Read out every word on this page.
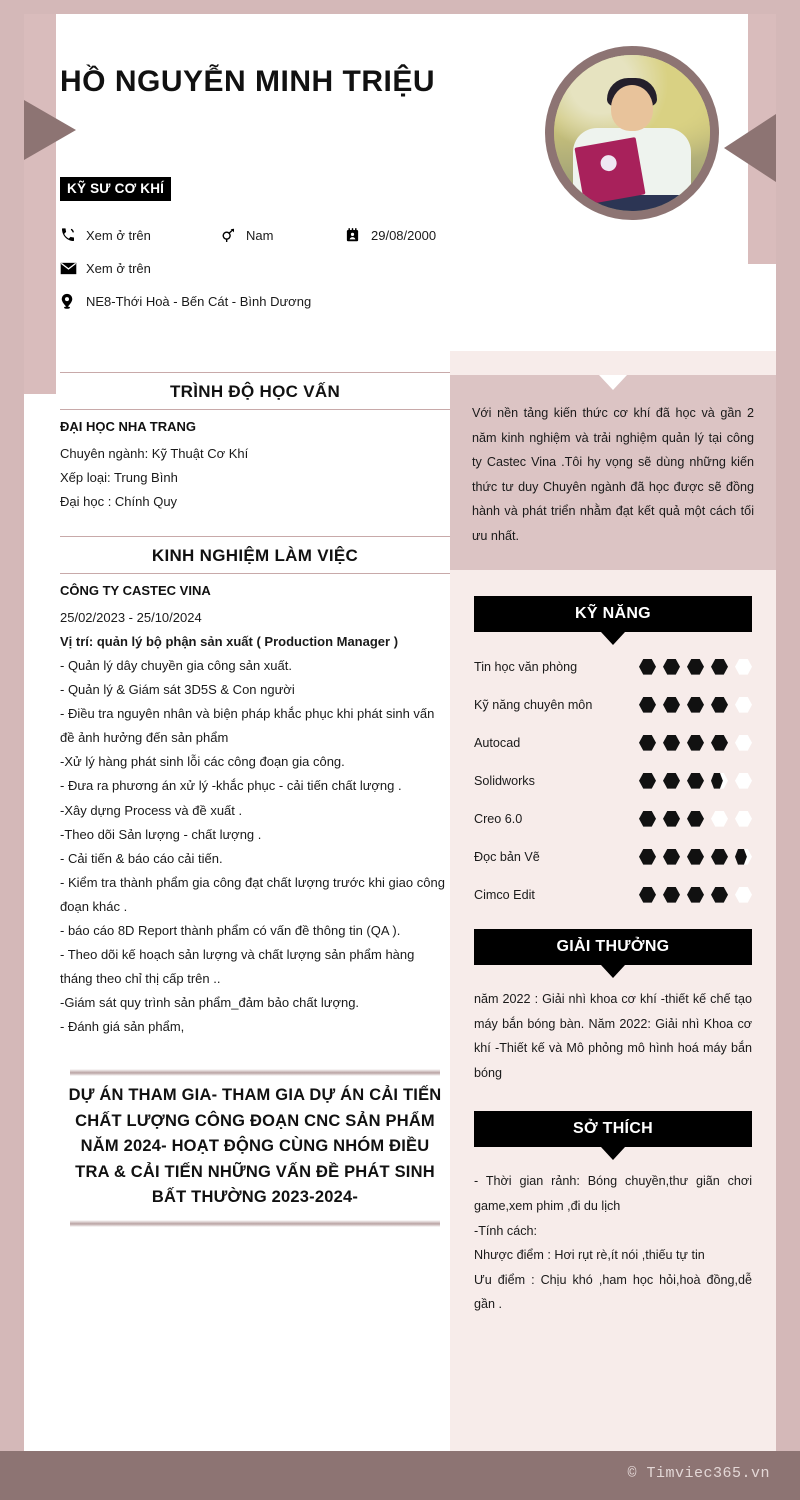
HỒ NGUYỄN MINH TRIỆU
KỸ SƯ CƠ KHÍ
Xem ở trên	Nam	29/08/2000
Xem ở trên
NE8-Thới Hoà - Bến Cát - Bình Dương
TRÌNH ĐỘ HỌC VẤN
ĐẠI HỌC NHA TRANG
Chuyên ngành: Kỹ Thuật Cơ Khí
Xếp loại: Trung Bình
Đại học : Chính Quy
KINH NGHIỆM LÀM VIỆC
CÔNG TY CASTEC VINA
25/02/2023 - 25/10/2024
Vị trí: quản lý bộ phận sản xuất ( Production Manager )
- Quản lý dây chuyền gia công sản xuất.
- Quản lý & Giám sát 3D5S & Con người
- Điều tra nguyên nhân và biện pháp khắc phục khi phát sinh vấn đề ảnh hưởng đến sản phẩm
-Xử lý hàng phát sinh lỗi các công đoạn gia công.
- Đưa ra phương án xử lý -khắc phục - cải tiến chất lượng .
-Xây dựng Process và đề xuất .
-Theo dõi Sản lượng - chất lượng .
- Cải tiến & báo cáo cải tiến.
- Kiểm tra thành phẩm gia công đạt chất lượng trước khi giao công đoạn khác .
- báo cáo 8D Report thành phẩm có vấn đề thông tin (QA ).
- Theo dõi kế hoạch sản lượng và chất lượng sản phẩm hàng tháng theo chỉ thị cấp trên ..
-Giám sát quy trình sản phẩm_đảm bảo chất lượng.
- Đánh giá sản phẩm,
DỰ ÁN THAM GIA- THAM GIA DỰ ÁN CẢI TIẾN CHẤT LƯỢNG CÔNG ĐOẠN CNC SẢN PHẨM NĂM 2024- HOẠT ĐỘNG CÙNG NHÓM ĐIỀU TRA & CẢI TIẾN NHỮNG VẤN ĐỀ PHÁT SINH BẤT THƯỜNG 2023-2024-

Với nền tảng kiến thức cơ khí đã học và gần 2 năm kinh nghiệm và trải nghiệm quản lý tại công ty Castec Vina .Tôi hy vọng sẽ dùng những kiến thức tư duy Chuyên ngành đã học được sẽ đồng hành và phát triển nhằm đạt kết quả một cách tối ưu nhất.

KỸ NĂNG
Tin học văn phòng
Kỹ năng chuyên môn
Autocad
Solidworks
Creo 6.0
Đọc bản Vẽ
Cimco Edit
GIẢI THƯỞNG

năm 2022 : Giải nhì khoa cơ khí -thiết kế chế tạo máy bắn bóng bàn. Năm 2022: Giải nhì Khoa cơ khí -Thiết kế và Mô phỏng mô hình hoá máy bắn bóng

SỞ THÍCH

- Thời gian rảnh: Bóng chuyền,thư giãn chơi game,xem phim ,đi du lịch

-Tính cách:

Nhược điểm : Hơi rụt rè,ít nói ,thiếu tự tin

Ưu điểm : Chịu khó ,ham học hỏi,hoà đồng,dễ gần .

© Timviec365.vn
